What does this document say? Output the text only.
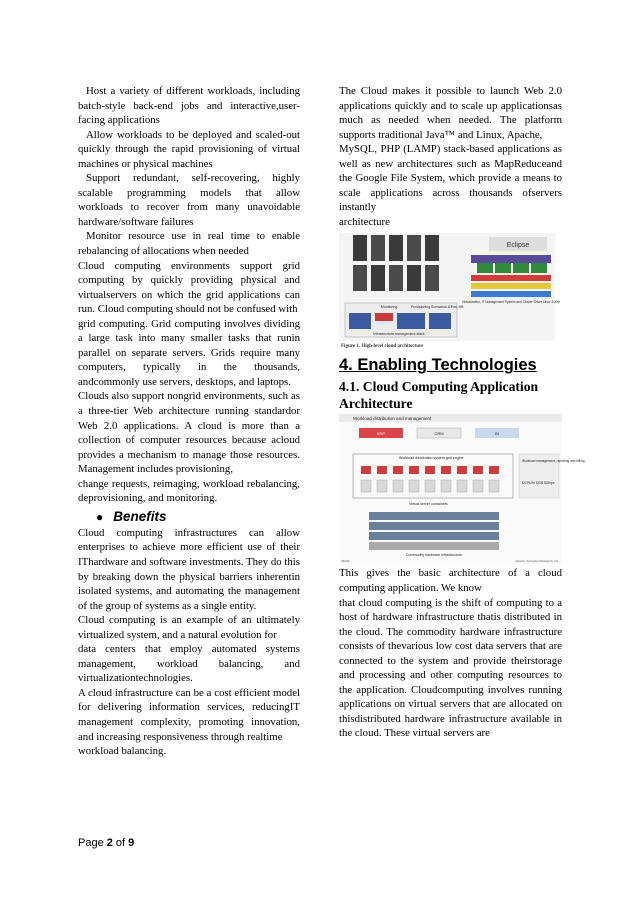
Host a variety of different workloads, including batch-style back-end jobs and interactive,user-facing applications

Allow workloads to be deployed and scaled-out quickly through the rapid provisioning of virtual machines or physical machines

Support redundant, self-recovering, highly scalable programming models that allow workloads to recover from many unavoidable hardware/software failures

Monitor resource use in real time to enable rebalancing of allocations when needed

Cloud computing environments support grid computing by quickly providing physical and virtualservers on which the grid applications can run. Cloud computing should not be confused with

grid computing. Grid computing involves dividing a large task into many smaller tasks that runin parallel on separate servers. Grids require many computers, typically in the thousands, andcommonly use servers, desktops, and laptops.

Clouds also support nongrid environments, such as a three-tier Web architecture running standardor Web 2.0 applications. A cloud is more than a collection of computer resources because acloud provides a mechanism to manage those resources. Management includes provisioning,

change requests, reimaging, workload rebalancing, deprovisioning, and monitoring.

● Benefits

Cloud computing infrastructures can allow enterprises to achieve more efficient use of their IThardware and software investments. They do this by breaking down the physical barriers inherentin isolated systems, and automating the management of the group of systems as a single entity.

Cloud computing is an example of an ultimately virtualized system, and a natural evolution for

data centers that employ automated systems management, workload balancing, and virtualizationtechnologies.

A cloud infrastructure can be a cost efficient model for delivering information services, reducingIT management complexity, promoting innovation, and increasing responsiveness through realtime

workload balancing.

The Cloud makes it possible to launch Web 2.0 applications quickly and to scale up applicationsas much as needed when needed. The platform supports traditional Java™ and Linux, Apache,

MySQL, PHP (LAMP) stack-based applications as well as new architectures such as MapReduceand the Google File System, which provide a means to scale applications across thousands ofservers instantly

architecture

Eclipse
Virtualization, IT Management System and Cluster Driver Linux & Xen
Monitoring	Provisioning Scenarios & Env. HB
Infrastructure management stack

Figure 1. High-level cloud architecture

4. Enabling Technologies
4.1. Cloud Computing Application Architecture
Workload distribution and management
ERP	CRM	BI
Workload distribution system grid engine
Virtual server containers
Workload management, reporting and billing
$/CPU/hr $/GB $/Gbps
Commodity hardware infrastructure
46229	Source: Forrester Research, Inc.

This gives the basic architecture of a cloud computing application. We know

that cloud computing is the shift of computing to a host of hardware infrastructure thatis distributed in the cloud. The commodity hardware infrastructure consists of thevarious low cost data servers that are connected to the system and provide theirstorage and processing and other computing resources to the application. Cloudcomputing involves running applications on virtual servers that are allocated on thisdistributed hardware infrastructure available in the cloud. These virtual servers are

Page 2 of 9
